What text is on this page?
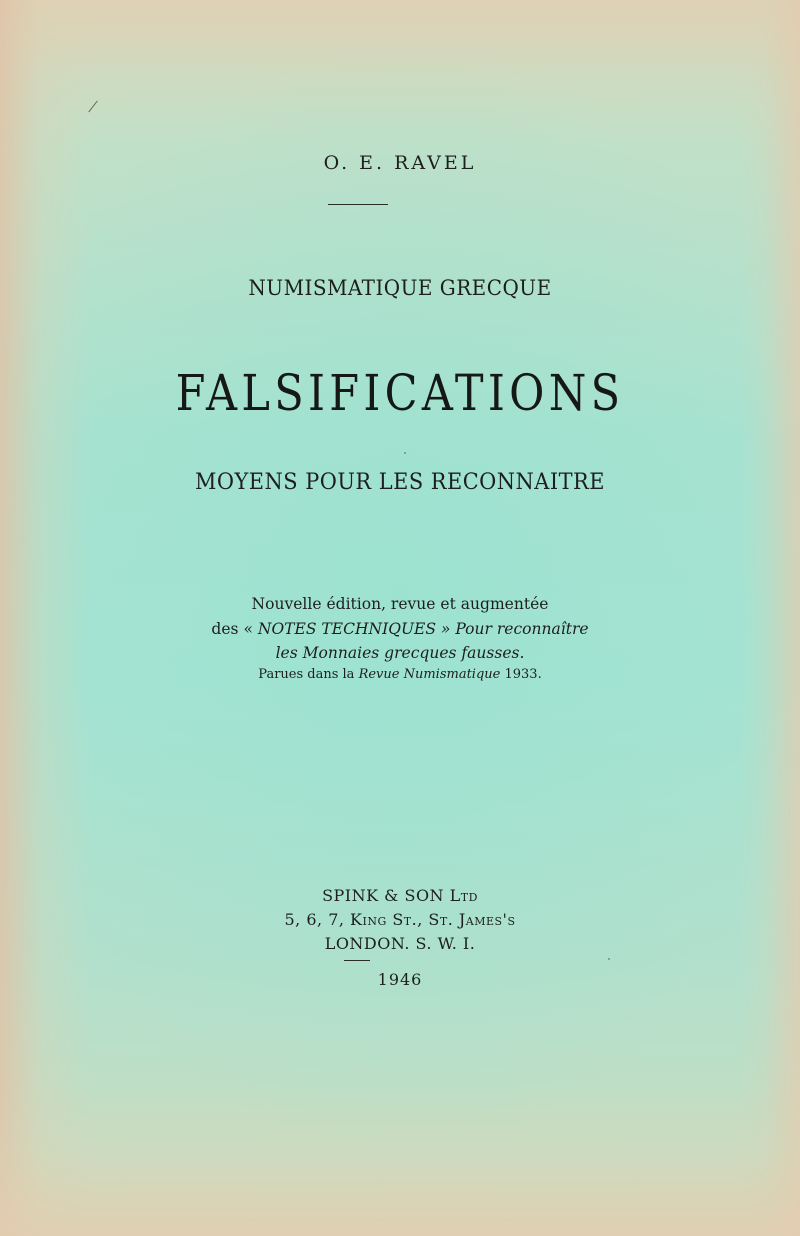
O. E. RAVEL
NUMISMATIQUE GRECQUE
FALSIFICATIONS
MOYENS POUR LES RECONNAITRE
Nouvelle édition, revue et augmentée
des « NOTES TECHNIQUES » Pour reconnaître
les Monnaies grecques fausses.
Parues dans la Revue Numismatique 1933.
SPINK & SON Ltd
5, 6, 7, King St., St. James's
LONDON. S. W. I.
1946
